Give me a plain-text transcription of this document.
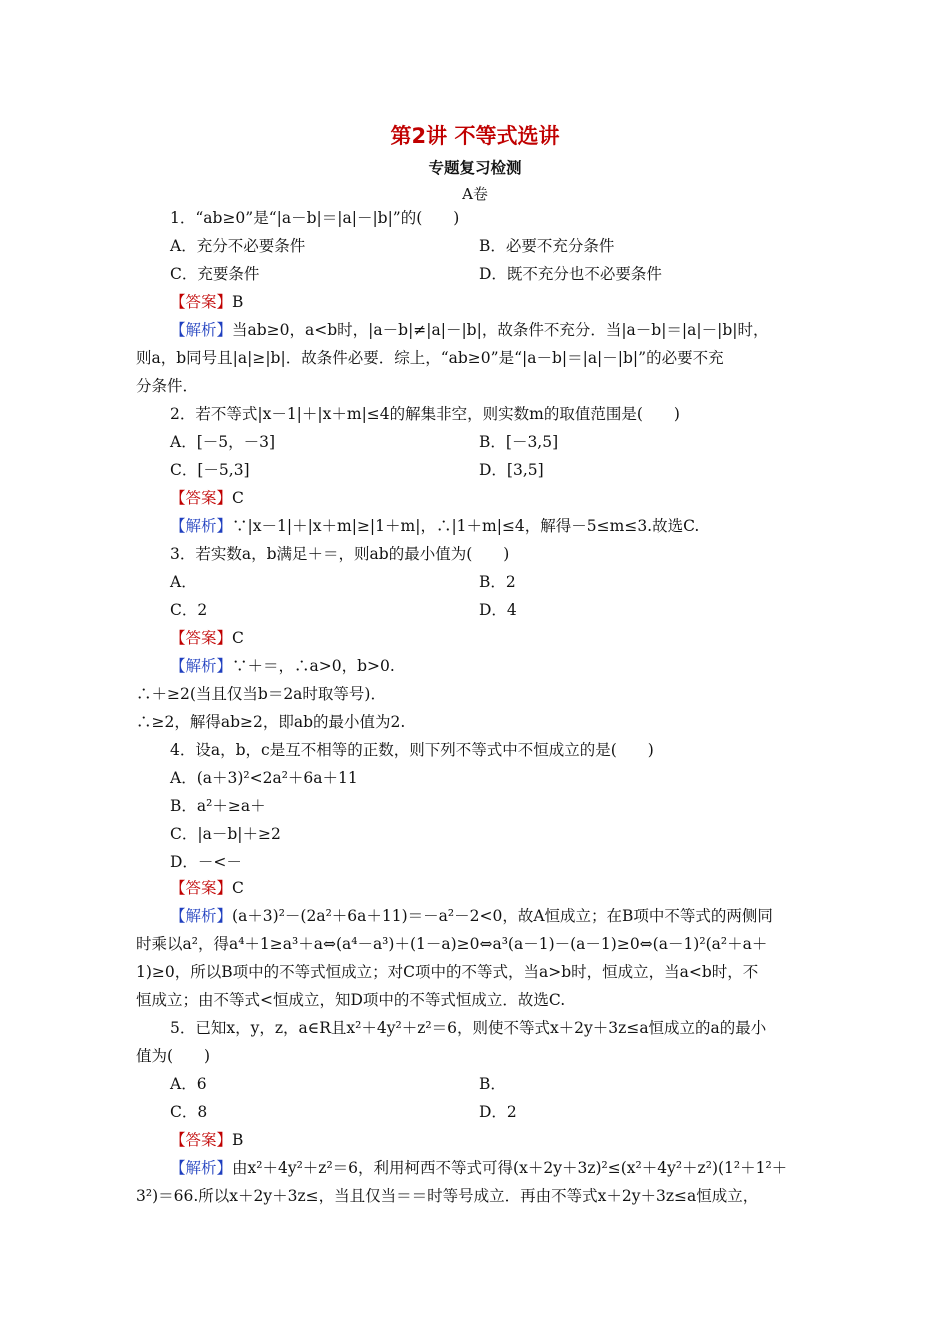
第2讲 不等式选讲
专题复习检测
A卷
1．“ab≥0”是“|a－b|＝|a|－|b|”的(　　)
A．充分不必要条件	B．必要不充分条件
C．充要条件	D．既不充分也不必要条件
【答案】B
【解析】当ab≥0，a<b时，|a－b|≠|a|－|b|，故条件不充分．当|a－b|＝|a|－|b|时，
则a，b同号且|a|≥|b|．故条件必要．综上，“ab≥0”是“|a－b|＝|a|－|b|”的必要不充
分条件．
2．若不等式|x－1|＋|x＋m|≤4的解集非空，则实数m的取值范围是(　　)
A．[－5，－3]	B．[－3,5]
C．[－5,3]	D．[3,5]
【答案】C
【解析】∵|x－1|＋|x＋m|≥|1＋m|，∴|1＋m|≤4，解得－5≤m≤3.故选C.
3．若实数a，b满足＋＝，则ab的最小值为(　　)
A．	B．2
C．2	D．4
【答案】C
【解析】∵＋＝，∴a>0，b>0.
∴＋≥2(当且仅当b＝2a时取等号)．
∴≥2，解得ab≥2，即ab的最小值为2.
4．设a，b，c是互不相等的正数，则下列不等式中不恒成立的是(　　)
A．(a＋3)²<2a²＋6a＋11
B．a²＋≥a＋
C．|a－b|＋≥2
D．－<－
【答案】C
【解析】(a＋3)²－(2a²＋6a＋11)＝－a²－2<0，故A恒成立；在B项中不等式的两侧同
时乘以a²，得a⁴＋1≥a³＋a⇔(a⁴－a³)＋(1－a)≥0⇔a³(a－1)－(a－1)≥0⇔(a－1)²(a²＋a＋
1)≥0，所以B项中的不等式恒成立；对C项中的不等式，当a>b时，恒成立，当a<b时，不
恒成立；由不等式<恒成立，知D项中的不等式恒成立．故选C.
5．已知x，y，z，a∈R且x²＋4y²＋z²＝6，则使不等式x＋2y＋3z≤a恒成立的a的最小
值为(　　)
A．6	B．
C．8	D．2
【答案】B
【解析】由x²＋4y²＋z²＝6，利用柯西不等式可得(x＋2y＋3z)²≤(x²＋4y²＋z²)(1²＋1²＋
3²)＝66.所以x＋2y＋3z≤，当且仅当＝＝时等号成立．再由不等式x＋2y＋3z≤a恒成立，
